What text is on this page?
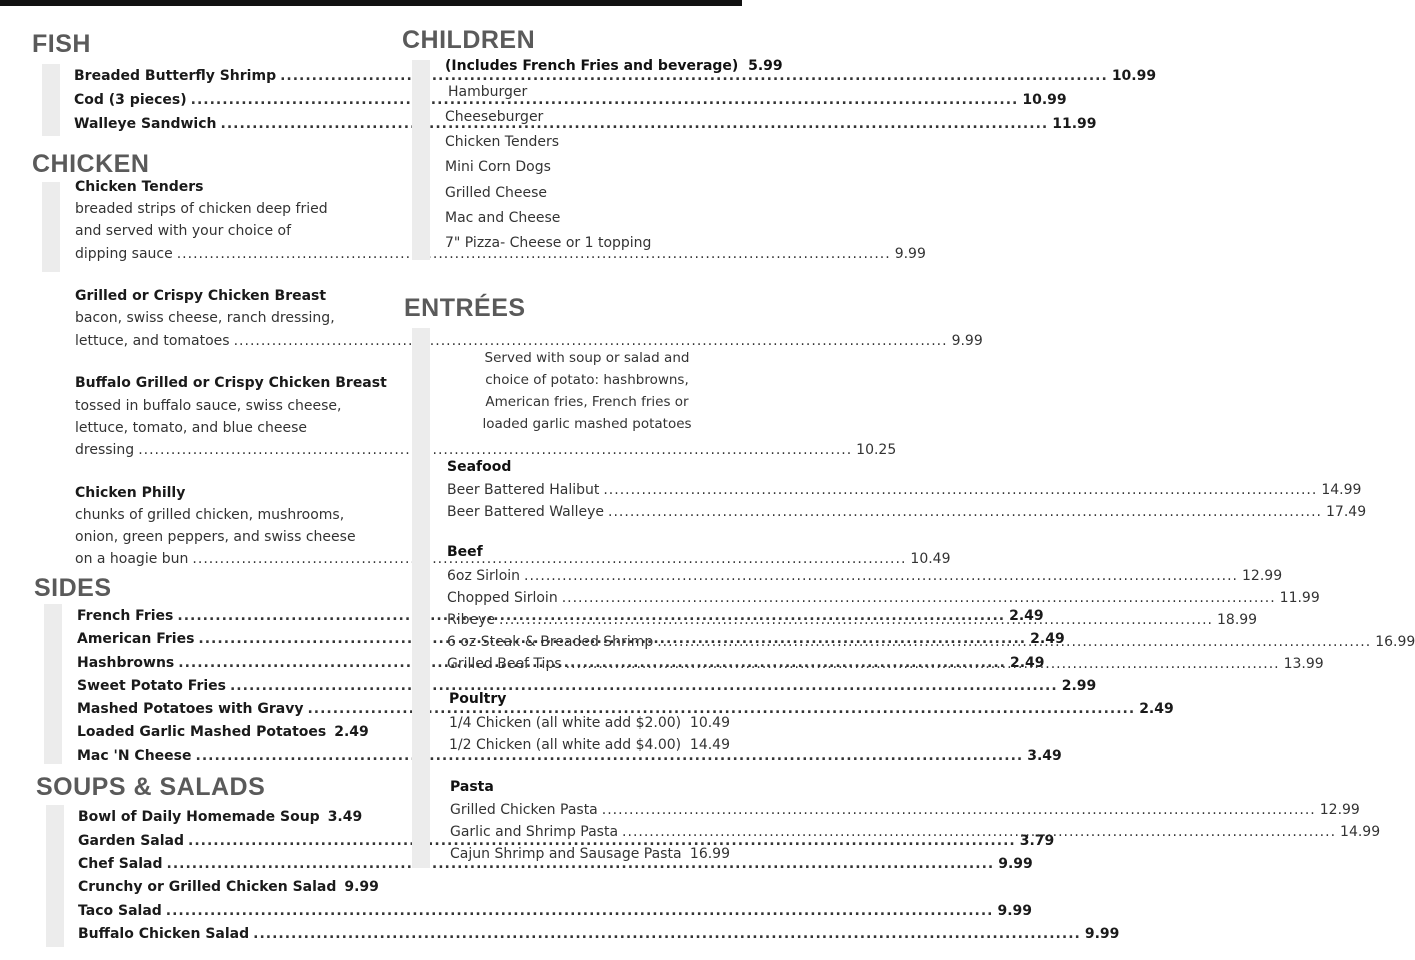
FISH
Breaded Butterfly Shrimp .....	10.99
Cod (3 pieces) .....	10.99
Walleye Sandwich .....	11.99
CHICKEN
Chicken Tenders
breaded strips of chicken deep fried
and served with your choice of
dipping sauce .....	9.99
Grilled or Crispy Chicken Breast
bacon, swiss cheese, ranch dressing,
lettuce, and tomatoes .....	9.99
Buffalo Grilled or Crispy Chicken Breast
tossed in buffalo sauce, swiss cheese,
lettuce, tomato, and blue cheese
dressing .....	10.25
Chicken Philly
chunks of grilled chicken, mushrooms,
onion, green peppers, and swiss cheese
on a hoagie bun .....	10.49
SIDES
French Fries .....	2.49
American Fries .....	2.49
Hashbrowns .....	2.49
Sweet Potato Fries .....	2.99
Mashed Potatoes with Gravy .....	2.49
Loaded Garlic Mashed Potatoes 2.49
Mac 'N Cheese .....	3.49
SOUPS & SALADS
Bowl of Daily Homemade Soup 3.49
Garden Salad .....	3.79
Chef Salad .....	9.99
Crunchy or Grilled Chicken Salad 9.99
Taco Salad .....	9.99
Buffalo Chicken Salad .....	9.99
CHILDREN
(Includes French Fries and beverage) 5.99
Hamburger
Cheeseburger
Chicken Tenders
Mini Corn Dogs
Grilled Cheese
Mac and Cheese
7" Pizza- Cheese or 1 topping
ENTRÉES
Served with soup or salad and
choice of potato: hashbrowns,
American fries, French fries or
loaded garlic mashed potatoes
Seafood
Beer Battered Halibut .....	14.99
Beer Battered Walleye .....	17.49
Beef
6oz Sirloin .....	12.99
Chopped Sirloin .....	11.99
Ribeye .....	18.99
6 oz Steak & Breaded Shrimp .....	16.99
Grilled Beef Tips .....	13.99
Poultry
1/4 Chicken (all white add $2.00) ..... 10.49
1/2 Chicken (all white add $4.00) ..... 14.49
Pasta
Grilled Chicken Pasta .....	12.99
Garlic and Shrimp Pasta .....	14.99
Cajun Shrimp and Sausage Pasta ..... 16.99
